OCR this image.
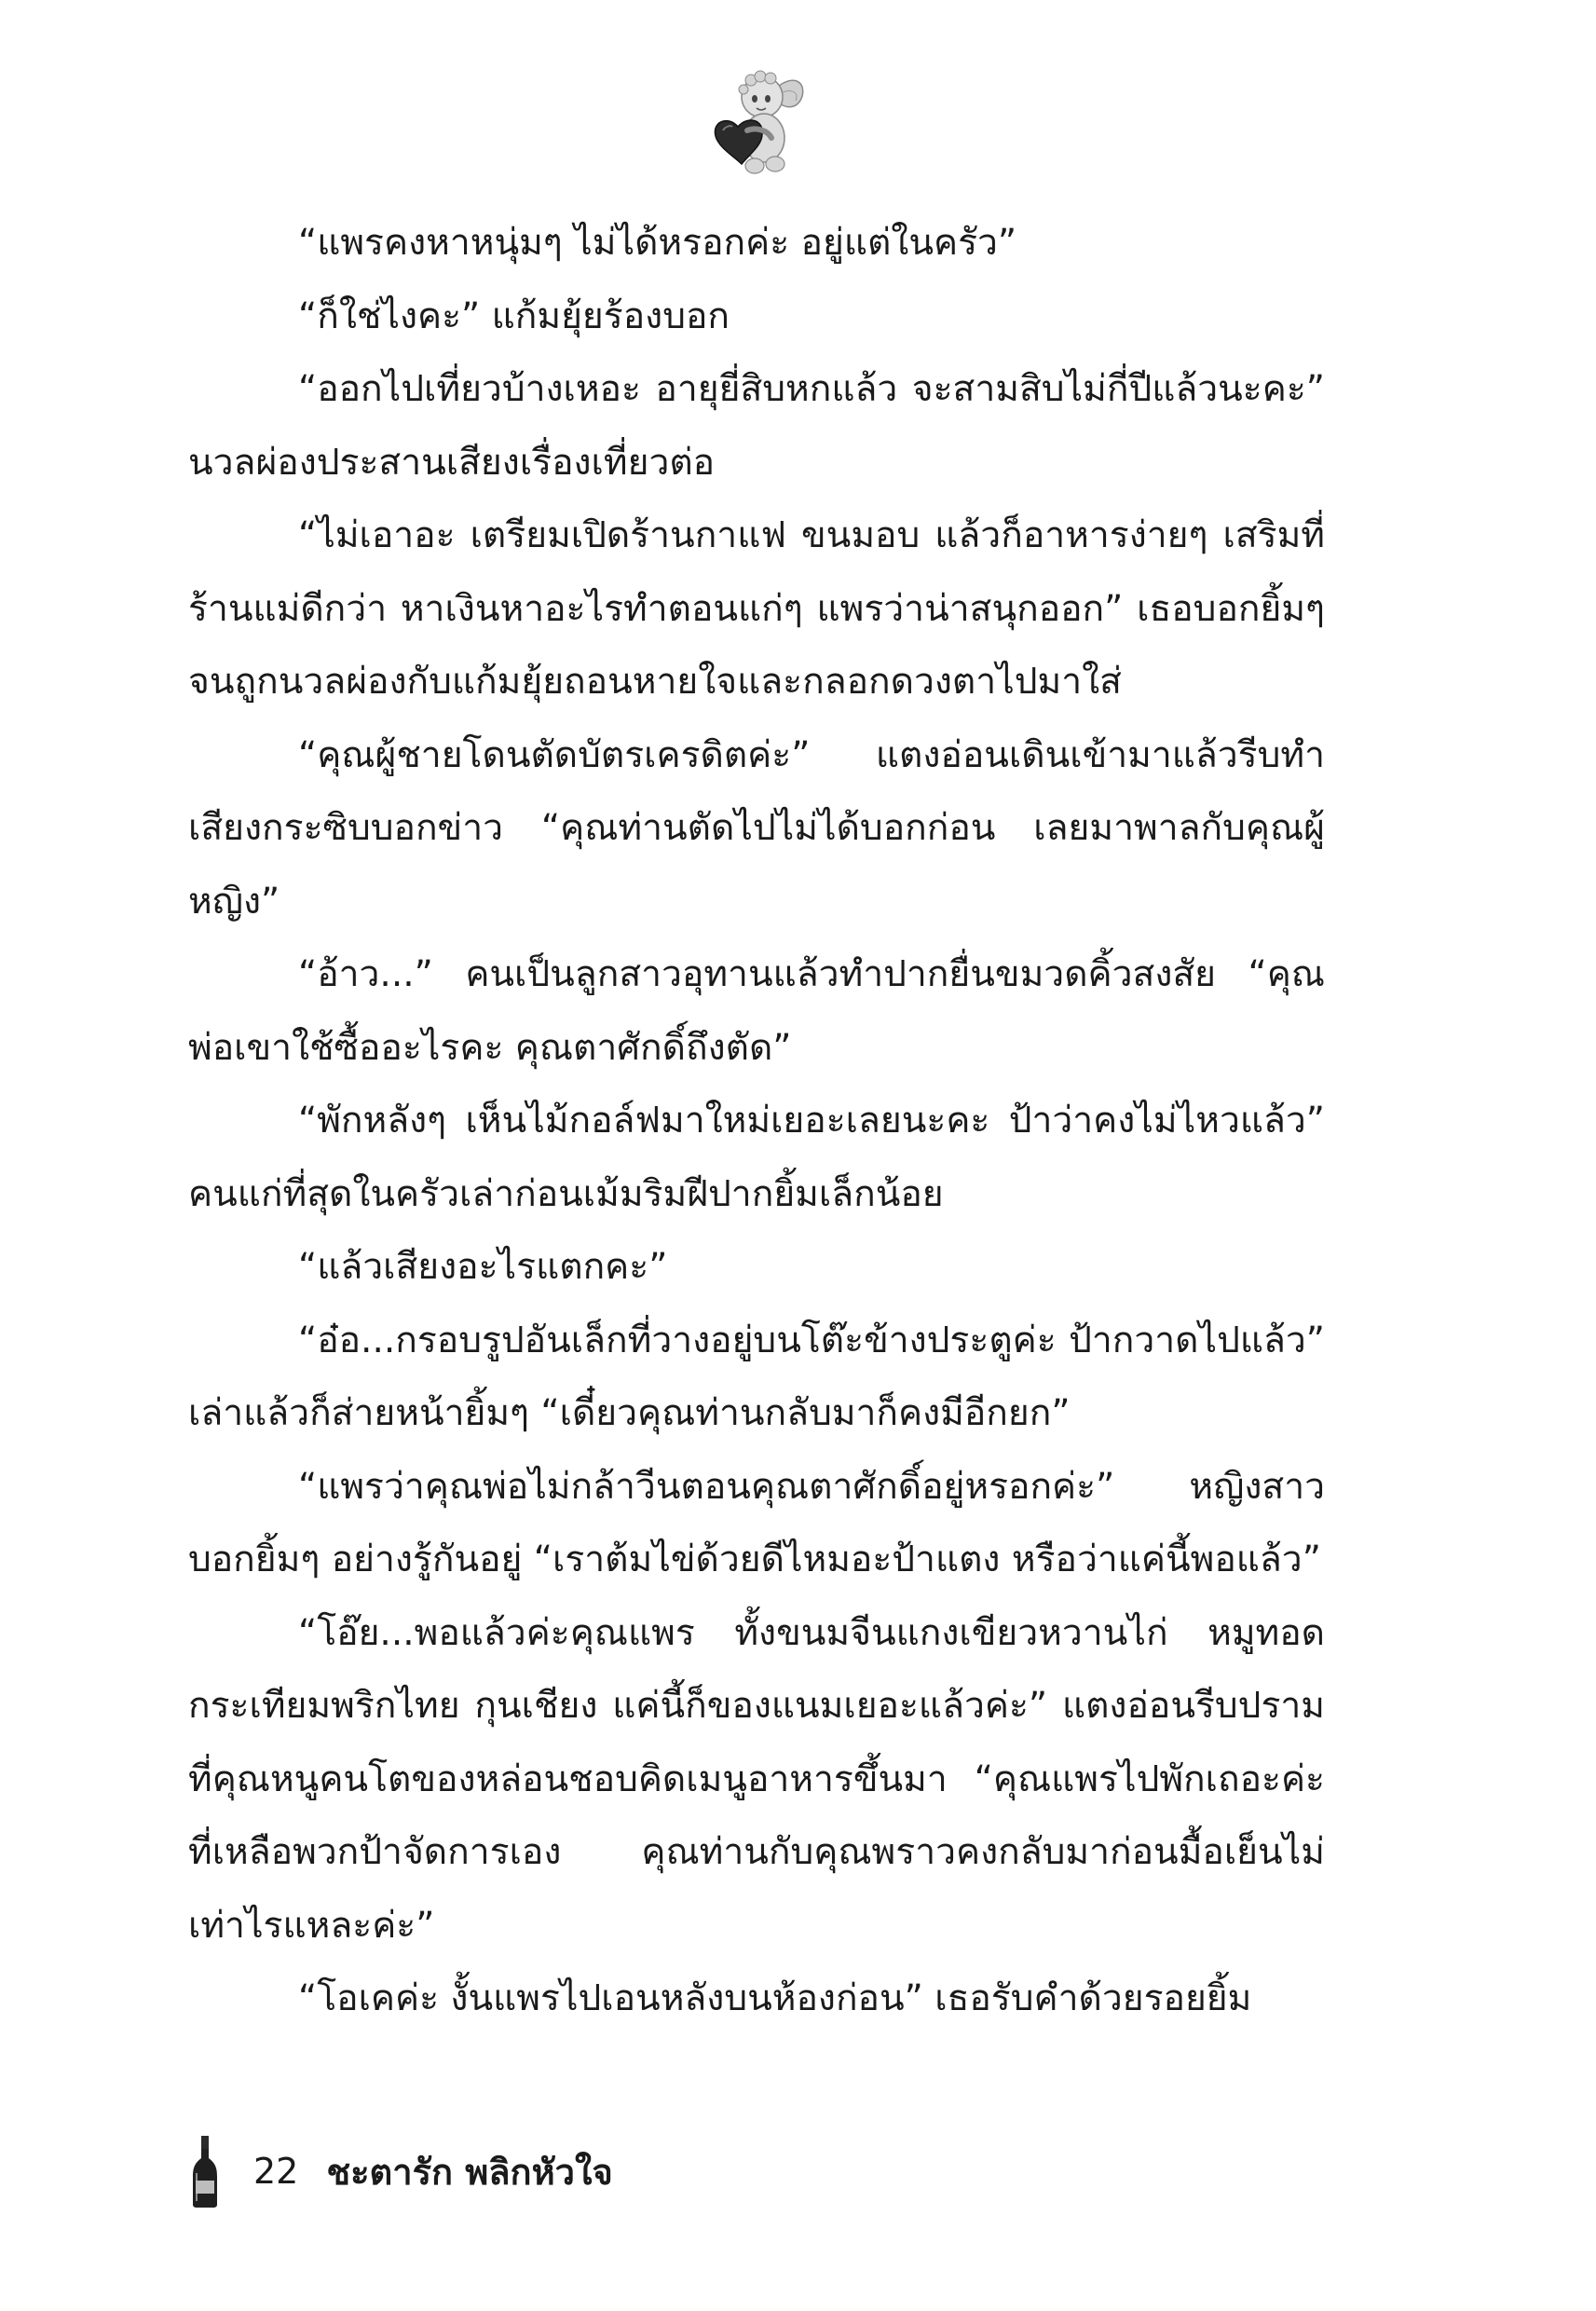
“แพรคงหาหนุ่มๆ ไม่ได้หรอกค่ะ อยู่แต่ในครัว”

“ก็ใช่ไงคะ” แก้มยุ้ยร้องบอก

“ออกไปเที่ยวบ้างเหอะ อายุยี่สิบหกแล้ว จะสามสิบไม่กี่ปีแล้วนะคะ” นวลผ่องประสานเสียงเรื่องเที่ยวต่อ

“ไม่เอาอะ เตรียมเปิดร้านกาแฟ ขนมอบ แล้วก็อาหารง่ายๆ เสริมที่ร้านแม่ดีกว่า หาเงินหาอะไรทำตอนแก่ๆ แพรว่าน่าสนุกออก” เธอบอกยิ้มๆ จนถูกนวลผ่องกับแก้มยุ้ยถอนหายใจและกลอกดวงตาไปมาใส่

“คุณผู้ชายโดนตัดบัตรเครดิตค่ะ” แตงอ่อนเดินเข้ามาแล้วรีบทำเสียงกระซิบบอกข่าว “คุณท่านตัดไปไม่ได้บอกก่อน เลยมาพาลกับคุณผู้หญิง”

“อ้าว...” คนเป็นลูกสาวอุทานแล้วทำปากยื่นขมวดคิ้วสงสัย “คุณพ่อเขาใช้ซื้ออะไรคะ คุณตาศักดิ์ถึงตัด”

“พักหลังๆ เห็นไม้กอล์ฟมาใหม่เยอะเลยนะคะ ป้าว่าคงไม่ไหวแล้ว” คนแก่ที่สุดในครัวเล่าก่อนเม้มริมฝีปากยิ้มเล็กน้อย

“แล้วเสียงอะไรแตกคะ”

“อ๋อ...กรอบรูปอันเล็กที่วางอยู่บนโต๊ะข้างประตูค่ะ ป้ากวาดไปแล้ว” เล่าแล้วก็ส่ายหน้ายิ้มๆ “เดี๋ยวคุณท่านกลับมาก็คงมีอีกยก”

“แพรว่าคุณพ่อไม่กล้าวีนตอนคุณตาศักดิ์อยู่หรอกค่ะ” หญิงสาวบอกยิ้มๆ อย่างรู้กันอยู่ “เราต้มไข่ด้วยดีไหมอะป้าแตง หรือว่าแค่นี้พอแล้ว”

“โอ๊ย...พอแล้วค่ะคุณแพร ทั้งขนมจีนแกงเขียวหวานไก่ หมูทอดกระเทียมพริกไทย กุนเชียง แค่นี้ก็ของแนมเยอะแล้วค่ะ” แตงอ่อนรีบปรามที่คุณหนูคนโตของหล่อนชอบคิดเมนูอาหารขึ้นมา “คุณแพรไปพักเถอะค่ะ ที่เหลือพวกป้าจัดการเอง คุณท่านกับคุณพราวคงกลับมาก่อนมื้อเย็นไม่เท่าไรแหละค่ะ”

“โอเคค่ะ งั้นแพรไปเอนหลังบนห้องก่อน” เธอรับคำด้วยรอยยิ้ม

22 ชะตารัก พลิกหัวใจ
